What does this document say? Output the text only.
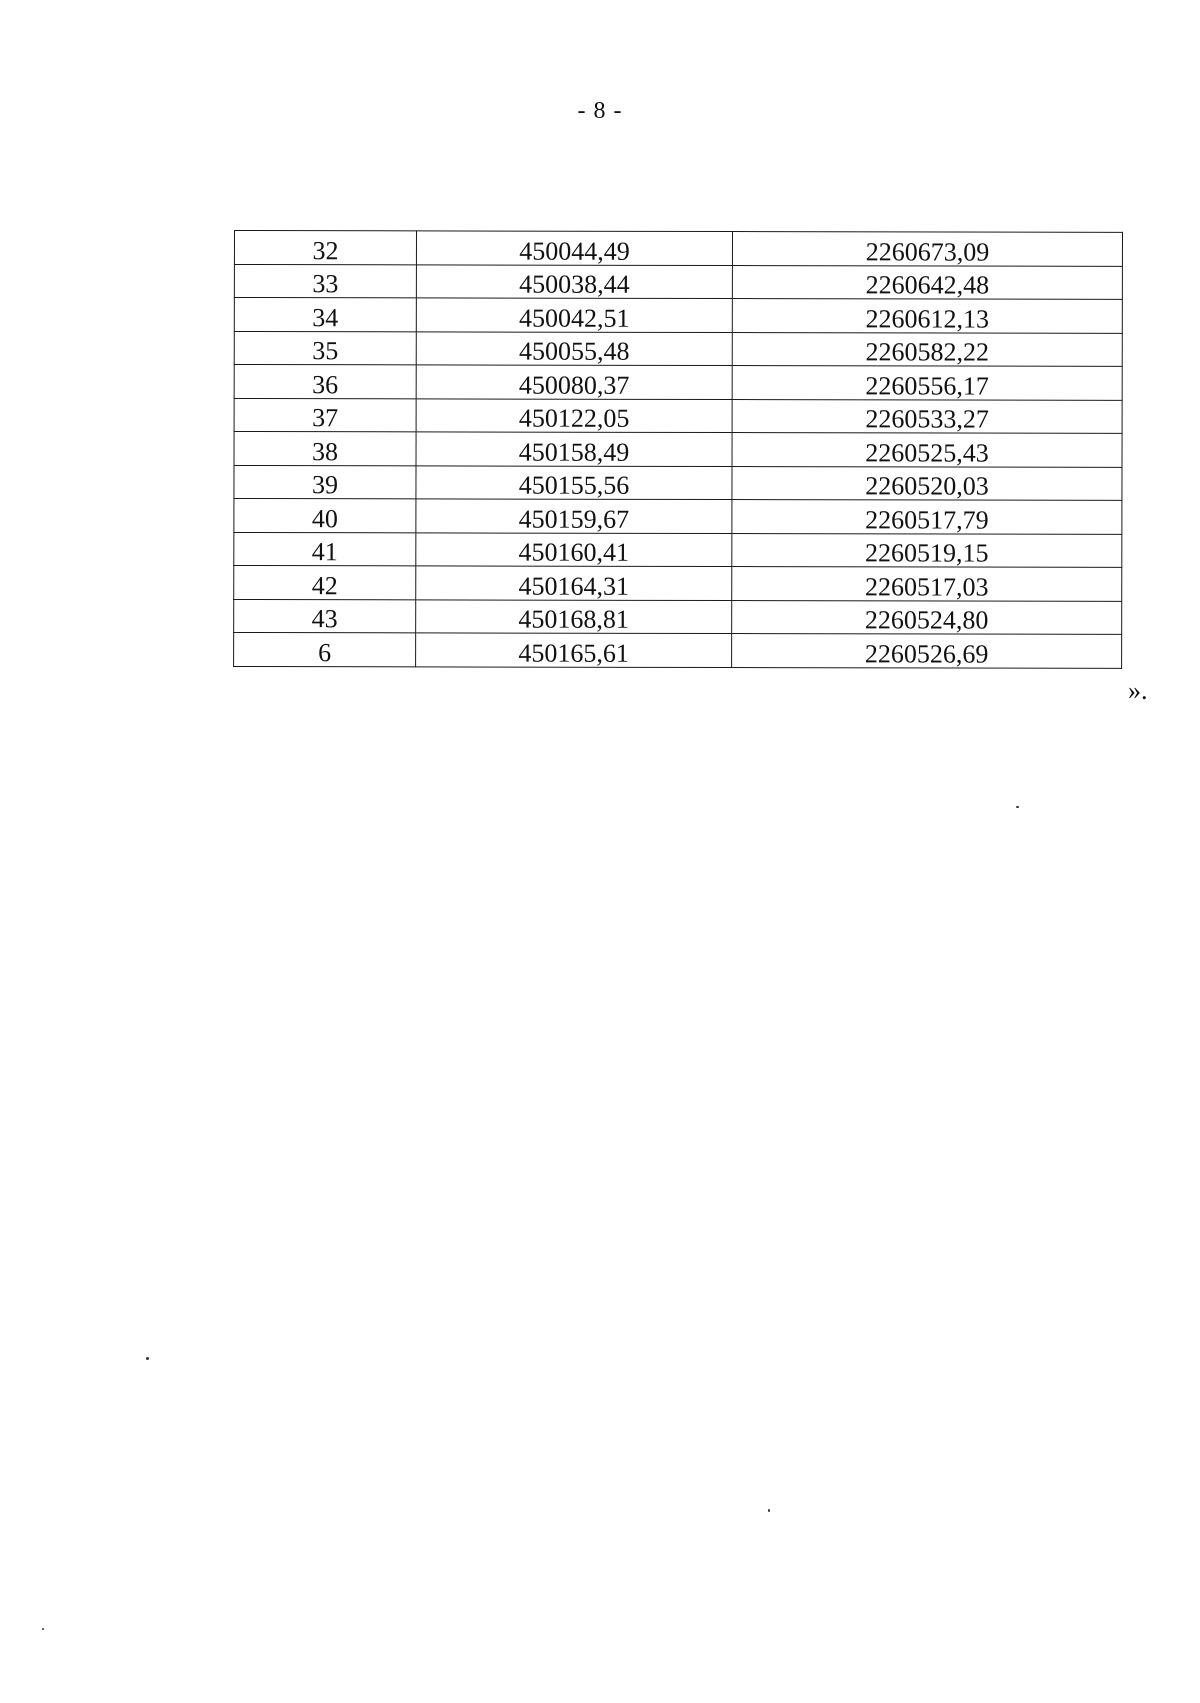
- 8 -
32	450044,49	2260673,09
33	450038,44	2260642,48
34	450042,51	2260612,13
35	450055,48	2260582,22
36	450080,37	2260556,17
37	450122,05	2260533,27
38	450158,49	2260525,43
39	450155,56	2260520,03
40	450159,67	2260517,79
41	450160,41	2260519,15
42	450164,31	2260517,03
43	450168,81	2260524,80
6	450165,61	2260526,69
».
